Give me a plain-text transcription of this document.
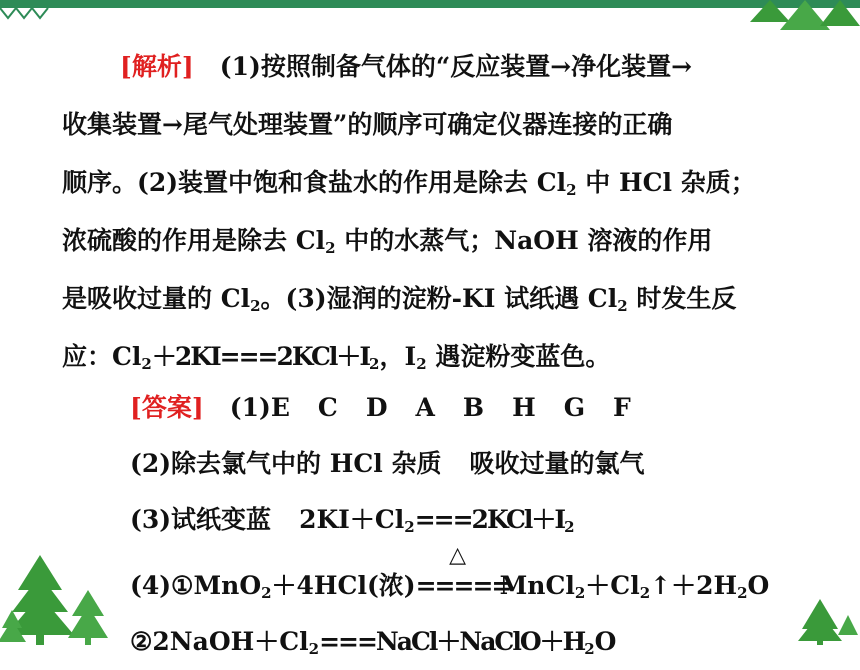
[解析] (1)按照制备气体的“反应装置→净化装置→
收集装置→尾气处理装置”的顺序可确定仪器连接的正确
顺序。(2)装置中饱和食盐水的作用是除去 $Cl_2$ 中 HCl 杂质；
浓硫酸的作用是除去 $Cl_2$ 中的水蒸气；NaOH 溶液的作用
是吸收过量的 $Cl_2$。(3)湿润的淀粉-KI 试纸遇 $Cl_2$ 时发生反
应：$Cl_2+2KI===2KCl+I_2$，$I_2$ 遇淀粉变蓝色。
[答案] (1)E C D A B H G F
(2)除去氯气中的 HCl 杂质 吸收过量的氯气
(3)试纸变蓝 $2KI+Cl_2===2KCl+I_2$
(4)①MnO$_2$＋4HCl(浓)
△
$=====MnCl_2+Cl_2↑+2H_2O$
$②2NaOH+Cl_2===NaCl+NaClO+H_2O$
